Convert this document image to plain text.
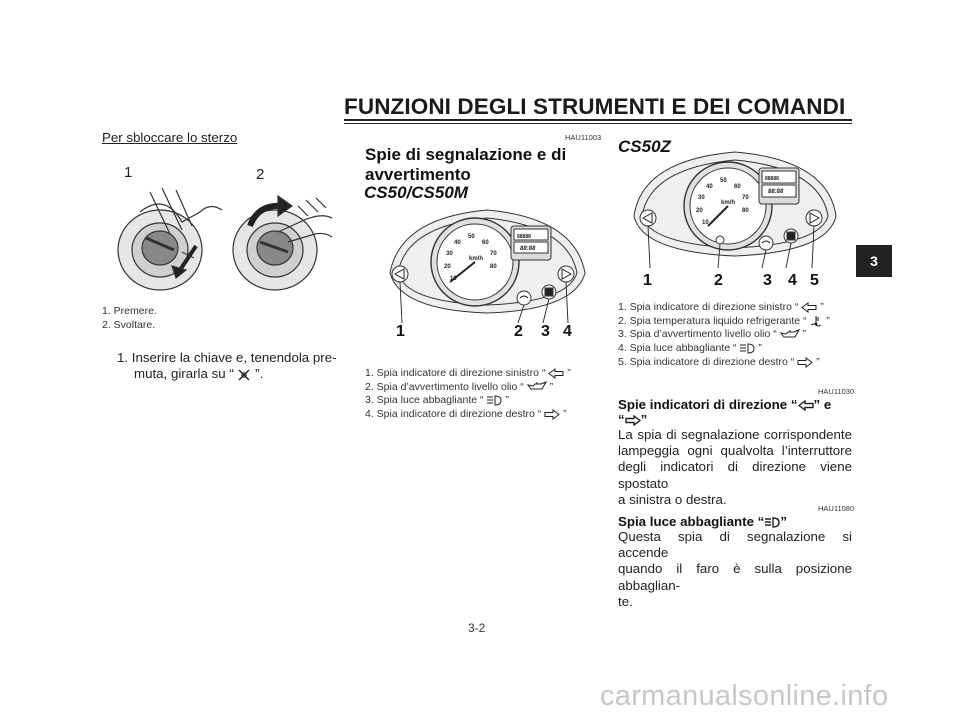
FUNZIONI DEGLI STRUMENTI E DEI COMANDI
Per sbloccare lo sterzo
1	2
1. Premere.
2. Svoltare.
1. Inserire la chiave e, tenendola pre-
muta, girarla su “ ”.
HAU11003
Spie di segnalazione e di
avvertimento
CS50/CS50M
10
20
30
40
50
60
70
80
km/h
88888
88:88
1	2 3 4
1. Spia indicatore di direzione sinistro “ ”
2. Spia d’avvertimento livello olio “ ”
3. Spia luce abbagliante “ ”
4. Spia indicatore di direzione destro “ ”
CS50Z
10
20
30
40
50
60
70
80
km/h
88888
88:88
1	2	3 4 5
1. Spia indicatore di direzione sinistro “ ”
2. Spia temperatura liquido refrigerante “ ”
3. Spia d’avvertimento livello olio “ ”
4. Spia luce abbagliante “ ”
5. Spia indicatore di direzione destro “ ”
HAU11030
Spie indicatori di direzione “ ” e
“ ”
La spia di segnalazione corrispondente
lampeggia ogni qualvolta l’interruttore
degli indicatori di direzione viene spostato
a sinistra o destra.
HAU11080
Spia luce abbagliante “ ”
Questa spia di segnalazione si accende
quando il faro è sulla posizione abbaglian-
te.
3
3-2
carmanualsonline.info
